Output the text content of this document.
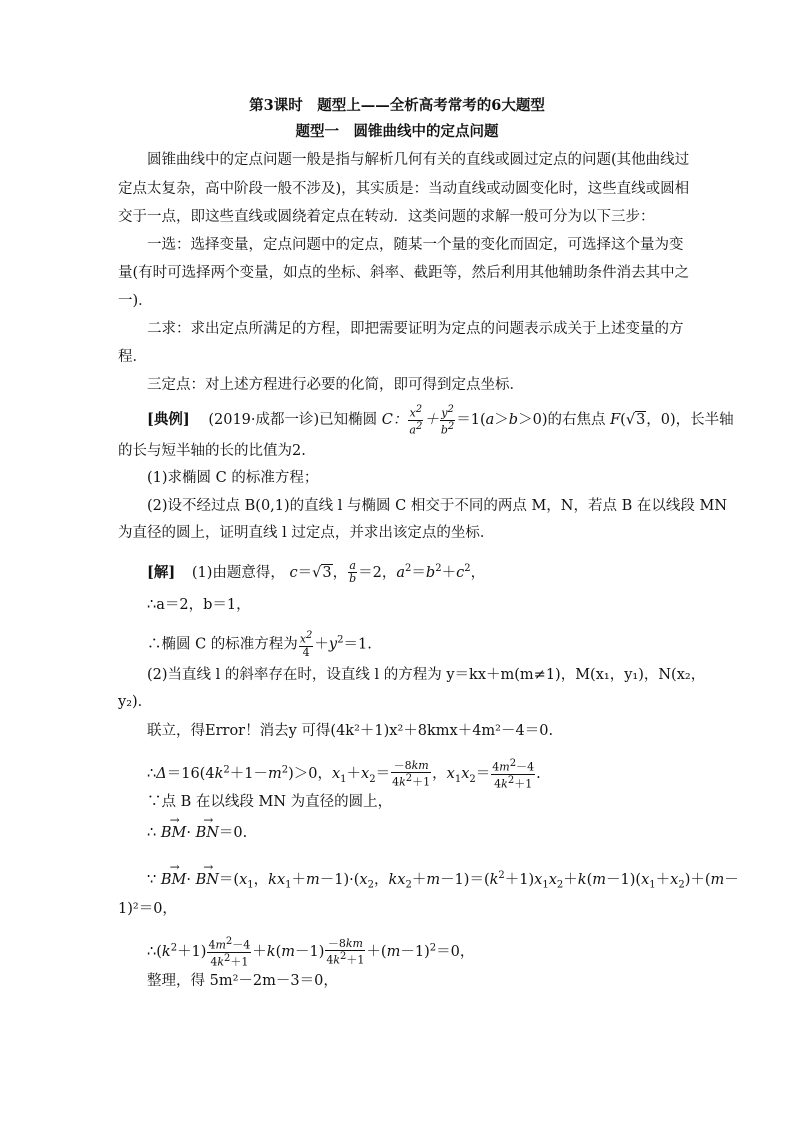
第3课时　题型上——全析高考常考的6大题型
题型一　圆锥曲线中的定点问题
圆锥曲线中的定点问题一般是指与解析几何有关的直线或圆过定点的问题(其他曲线过
定点太复杂，高中阶段一般不涉及)，其实质是：当动直线或动圆变化时，这些直线或圆相
交于一点，即这些直线或圆绕着定点在转动．这类问题的求解一般可分为以下三步：
一选：选择变量，定点问题中的定点，随某一个量的变化而固定，可选择这个量为变
量(有时可选择两个变量，如点的坐标、斜率、截距等，然后利用其他辅助条件消去其中之
一)．
二求：求出定点所满足的方程，即把需要证明为定点的问题表示成关于上述变量的方
程．
三定点：对上述方程进行必要的化简，即可得到定点坐标．
[典例] (2019·成都一诊)已知椭圆 C： $\frac{x^2}{a^2} + \frac{y^2}{b^2} =1(a>b>0)$的右焦点 F(√3，0)，长半轴
的长与短半轴的长的比值为2.
(1)求椭圆 C 的标准方程；
(2)设不经过点 B(0,1)的直线 l 与椭圆 C 相交于不同的两点 M，N，若点 B 在以线段 MN
为直径的圆上，证明直线 l 过定点，并求出该定点的坐标．
[解] (1)由题意得， c＝√3， $\frac{a}{b} =2$，$a^2=b^2+c^2$，
∴a＝2，b＝1，
∴椭圆 C 的标准方程为 $\frac{x^2}{4} +y^2=1$.
(2)当直线 l 的斜率存在时，设直线 l 的方程为 y＝kx＋m(m≠1)，M(x₁，y₁)，N(x₂，
y₂)．
联立，得Error！消去y 可得(4k²＋1)x²＋8kmx＋4m²－4＝0.
$\therefore\Delta=16(4k^2+1-m^2)>0$，$x_1+x_2= \frac{-8km}{4k^2+1}$ ，$x_1x_2= \frac{4m^2-4}{4k^2+1}$ .
∵点 B 在以线段 MN 为直径的圆上，
∴ → BM· → BN＝0.
∵ → $BM\cdot \to BN=(x_1$，$kx_1+m-1)\cdot(x_2$，$kx_2+m-1)=(k^2+1)x_1x_2+k(m-1)(x_1+x_2)+(m-$
1)²＝0，
$\therefore(k^2+1) \frac{4m^2-4}{4k^2+1} +k(m-1) \frac{-8km}{4k^2+1} +(m-1)^2=0$，
整理，得 5m²－2m－3＝0，
